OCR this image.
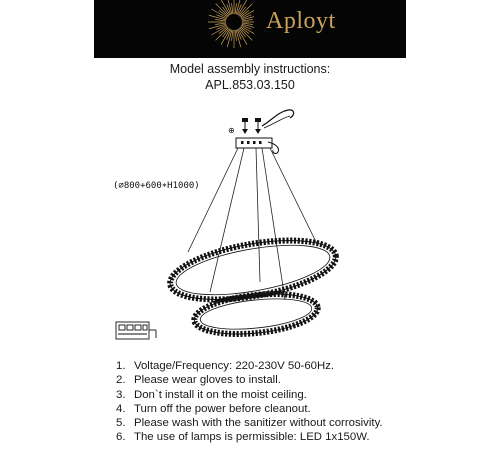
Aployt
Model assembly instructions:
APL.853.03.150
⊕
(⌀800+600∗H1000)
1. Voltage/Frequency: 220-230V 50-60Hz.
2. Please wear gloves to install.
3. Don`t install it on the moist ceiling.
4. Turn off the power before cleanout.
5. Please wash with the sanitizer without corrosivity.
6. The use of lamps is permissible: LED 1x150W.
